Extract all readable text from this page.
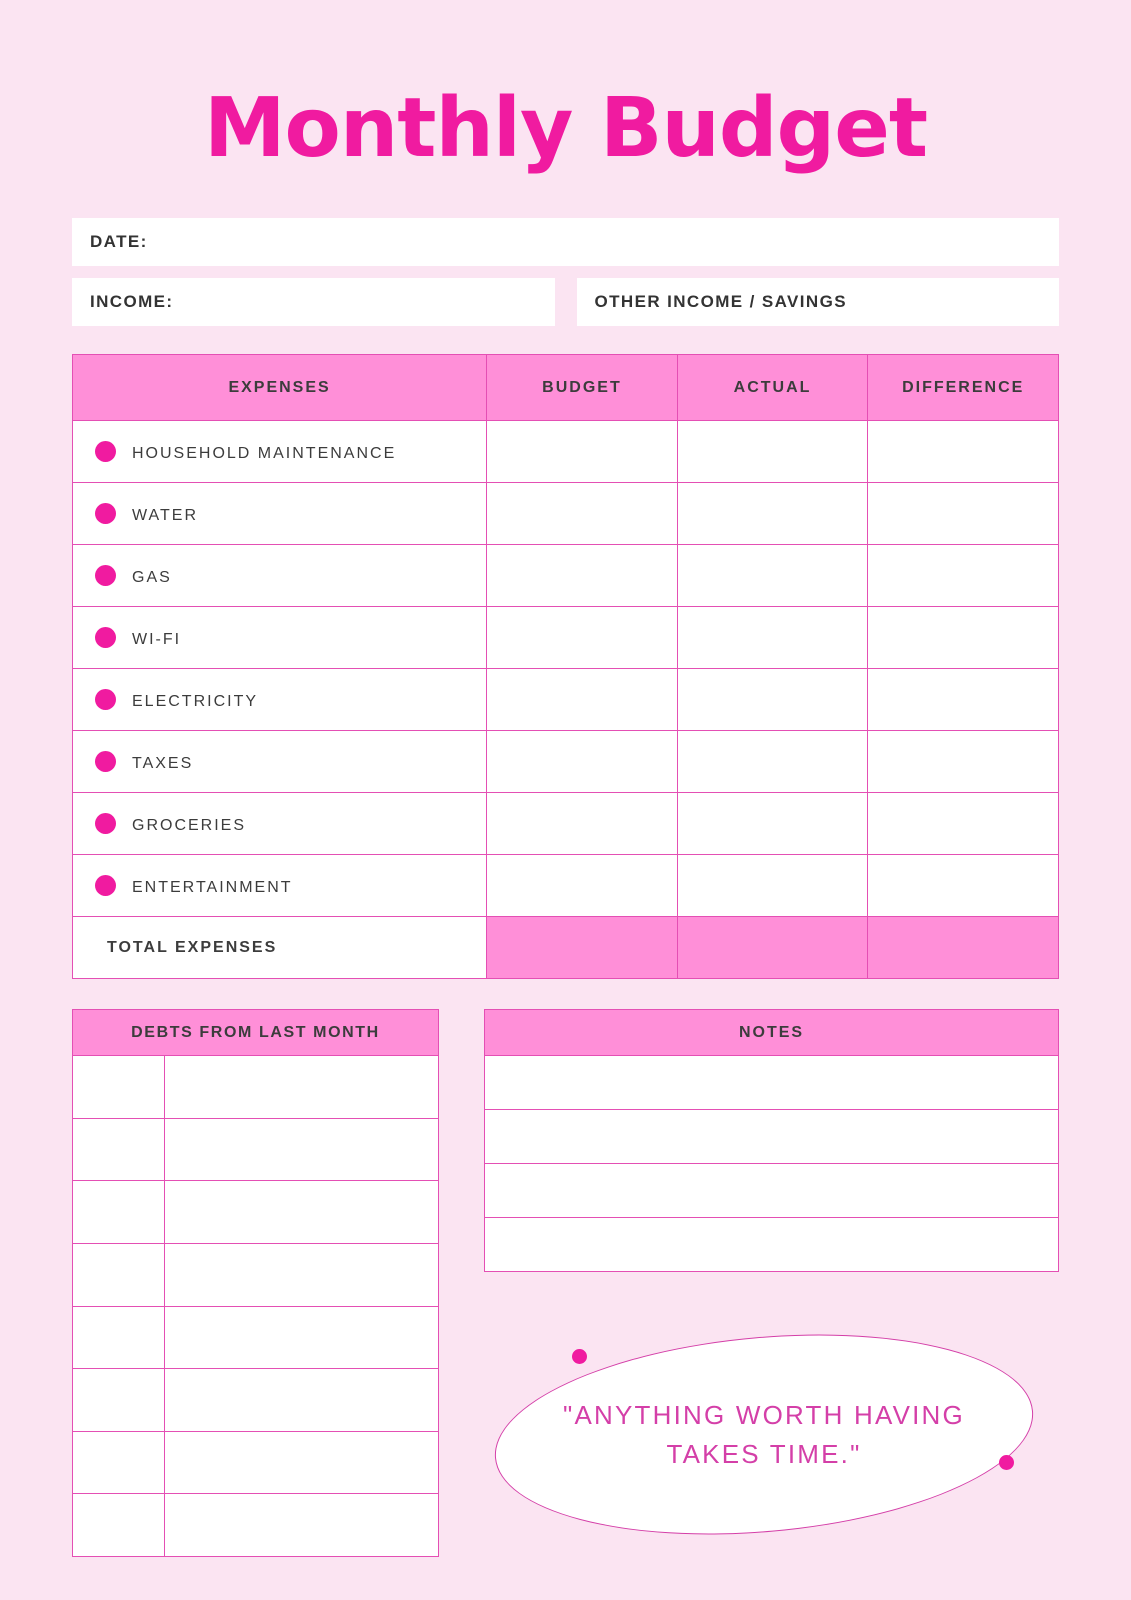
Monthly Budget
DATE:
INCOME:	OTHER INCOME / SAVINGS
EXPENSES	BUDGET	ACTUAL	DIFFERENCE
HOUSEHOLD MAINTENANCE			
WATER			
GAS			
WI-FI			
ELECTRICITY			
TAXES			
GROCERIES			
ENTERTAINMENT			
TOTAL EXPENSES			
DEBTS FROM LAST MONTH	

		NOTES

"ANYTHING WORTH HAVING TAKES TIME."
